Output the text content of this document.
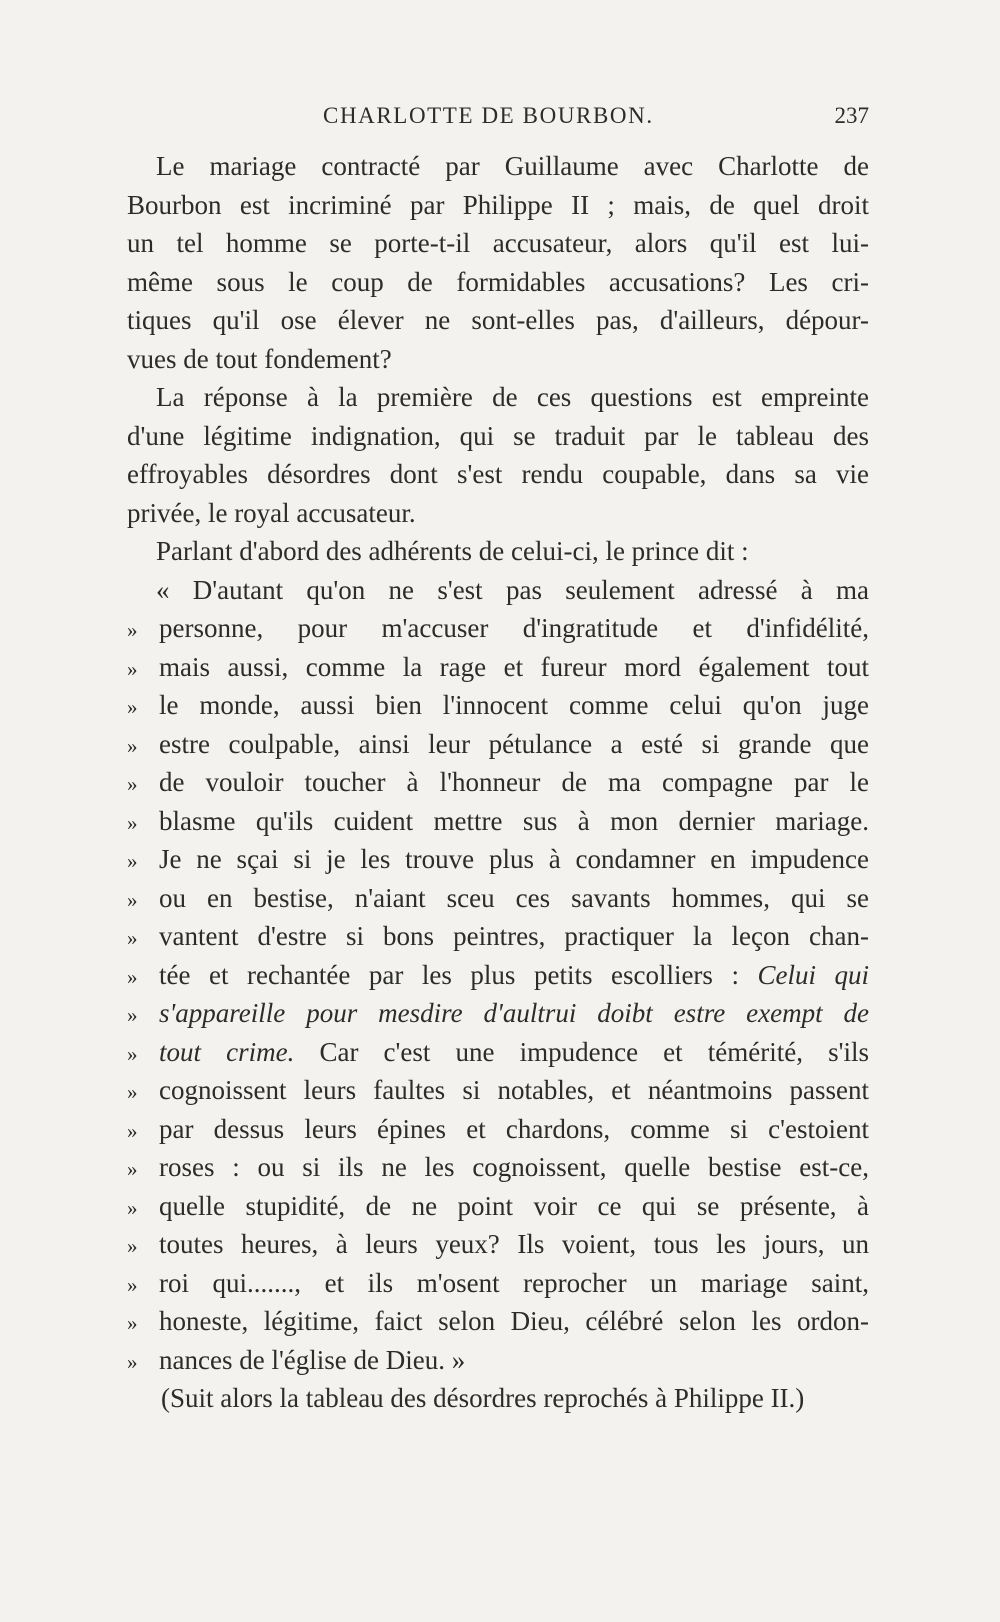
CHARLOTTE DE BOURBON.	237
Le mariage contracté par Guillaume avec Charlotte de
Bourbon est incriminé par Philippe II ; mais, de quel droit
un tel homme se porte-t-il accusateur, alors qu'il est lui-
même sous le coup de formidables accusations? Les cri-
tiques qu'il ose élever ne sont-elles pas, d'ailleurs, dépour-
vues de tout fondement?
La réponse à la première de ces questions est empreinte
d'une légitime indignation, qui se traduit par le tableau des
effroyables désordres dont s'est rendu coupable, dans sa vie
privée, le royal accusateur.
Parlant d'abord des adhérents de celui-ci, le prince dit :
« D'autant qu'on ne s'est pas seulement adressé à ma
» personne, pour m'accuser d'ingratitude et d'infidélité,
» mais aussi, comme la rage et fureur mord également tout
» le monde, aussi bien l'innocent comme celui qu'on juge
» estre coulpable, ainsi leur pétulance a esté si grande que
» de vouloir toucher à l'honneur de ma compagne par le
» blasme qu'ils cuident mettre sus à mon dernier mariage.
» Je ne sçai si je les trouve plus à condamner en impudence
» ou en bestise, n'aiant sceu ces savants hommes, qui se
» vantent d'estre si bons peintres, practiquer la leçon chan-
» tée et rechantée par les plus petits escolliers : Celui qui
» s'appareille pour mesdire d'aultrui doibt estre exempt de
» tout crime. Car c'est une impudence et témérité, s'ils
» cognoissent leurs faultes si notables, et néantmoins passent
» par dessus leurs épines et chardons, comme si c'estoient
» roses : ou si ils ne les cognoissent, quelle bestise est-ce,
» quelle stupidité, de ne point voir ce qui se présente, à
» toutes heures, à leurs yeux? Ils voient, tous les jours, un
» roi qui......., et ils m'osent reprocher un mariage saint,
» honeste, légitime, faict selon Dieu, célébré selon les ordon-
» nances de l'église de Dieu. »
(Suit alors la tableau des désordres reprochés à Philippe II.)
